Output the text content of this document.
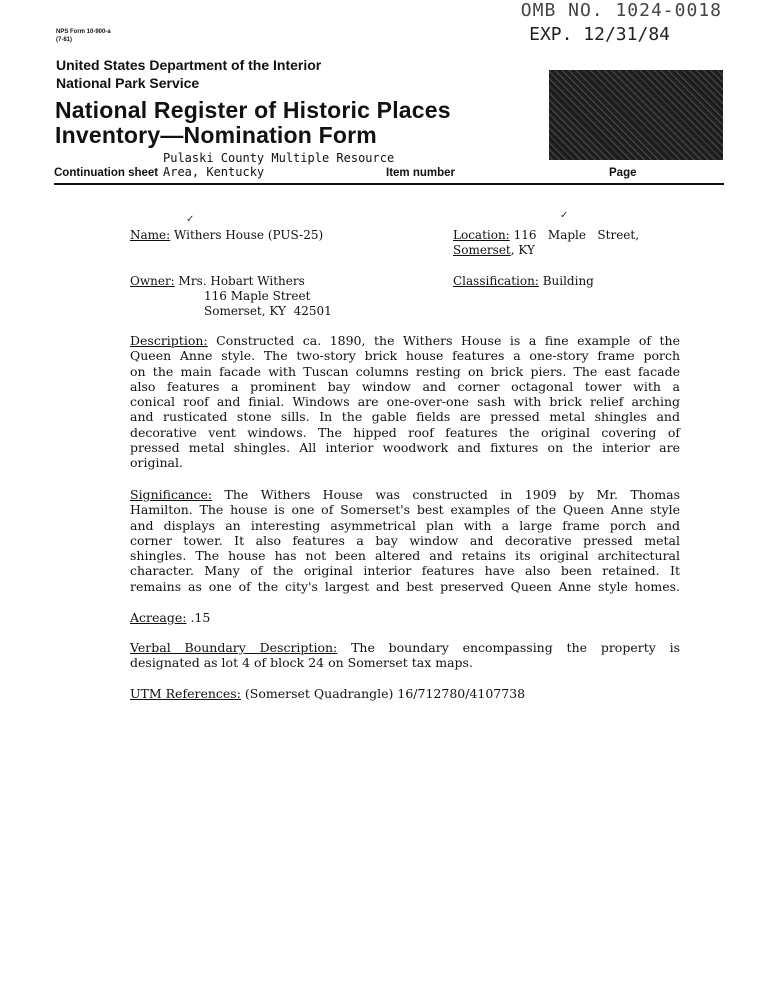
NPS Form 10-900-a
(7-81)
OMB NO. 1024-0018
EXP. 12/31/84
United States Department of the Interior
National Park Service
National Register of Historic Places
Inventory—Nomination Form
Pulaski County Multiple Resource
Continuation sheet Area, Kentucky	Item number	Page
✓
Name: Withers House (PUS-25)
✓
Location: 116   Maple   Street,
Somerset, KY
Owner: Mrs. Hobart Withers
116 Maple Street
Somerset, KY  42501
Classification: Building
Description: Constructed ca. 1890, the Withers House is a fine example of the
Queen Anne style. The two-story brick house features a one-story frame porch
on the main facade with Tuscan columns resting on brick piers. The east facade
also features a prominent bay window and corner octagonal tower with a
conical roof and finial. Windows are one-over-one sash with brick relief arching
and rusticated stone sills. In the gable fields are pressed metal shingles and
decorative vent windows. The hipped roof features the original covering of
pressed metal shingles. All interior woodwork and fixtures on the interior are
original.
Significance: The Withers House was constructed in 1909 by Mr. Thomas
Hamilton. The house is one of Somerset's best examples of the Queen Anne style
and displays an interesting asymmetrical plan with a large frame porch and
corner tower. It also features a bay window and decorative pressed metal
shingles. The house has not been altered and retains its original architectural
character. Many of the original interior features have also been retained. It
remains as one of the city's largest and best preserved Queen Anne style homes.
Acreage: .15
Verbal Boundary Description: The boundary encompassing the property is
designated as lot 4 of block 24 on Somerset tax maps.
UTM References: (Somerset Quadrangle) 16/712780/4107738
